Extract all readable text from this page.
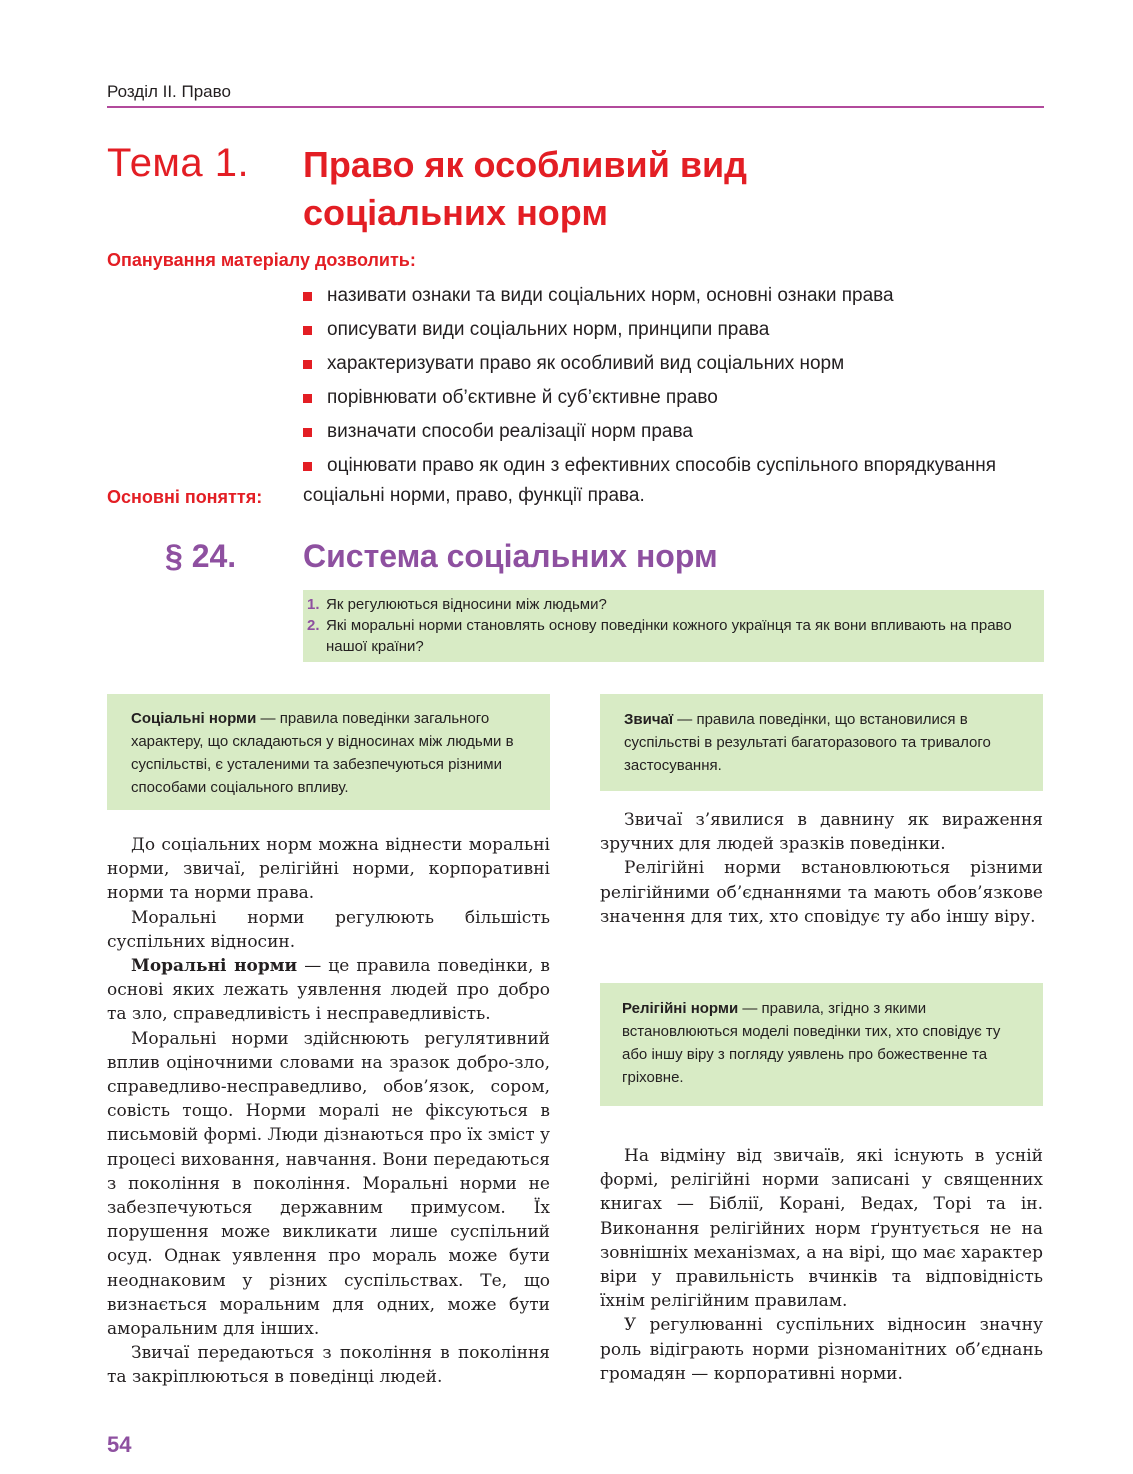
Розділ ІІ. Право
Тема 1. Право як особливий вид
соціальних норм
Опанування матеріалу дозволить:
називати ознаки та види соціальних норм, основні ознаки права
описувати види соціальних норм, принципи права
характеризувати право як особливий вид соціальних норм
порівнювати об’єктивне й суб’єктивне право
визначати способи реалізації норм права
оцінювати право як один з ефективних способів суспільного впорядкування
Основні поняття: соціальні норми, право, функції права.
§ 24. Система соціальних норм
1. Як регулюються відносини між людьми?
2. Які моральні норми становлять основу поведінки кожного українця та як вони впливають на право нашої країни?
Соціальні норми — правила поведінки загального характеру, що складаються у відносинах між людьми в суспільстві, є усталеними та забезпечуються різними способами соціального впливу.
Звичаї — правила поведінки, що встановилися в суспільстві в результаті багаторазового та тривалого застосування.

До соціальних норм можна віднести моральні норми, звичаї, релігійні норми, корпоративні норми та норми права.

Моральні норми регулюють більшість суспільних відносин.

Моральні норми — це правила поведінки, в основі яких лежать уявлення людей про добро та зло, справедливість і несправедливість.

Моральні норми здійснюють регулятивний вплив оціночними словами на зразок добро-зло, справедливо-несправедливо, обов’язок, сором, совість тощо. Норми моралі не фіксуються в письмовій формі. Люди дізнаються про їх зміст у процесі виховання, навчання. Вони передаються з покоління в покоління. Моральні норми не забезпечуються державним примусом. Їх порушення може викликати лише суспільний осуд. Однак уявлення про мораль може бути неоднаковим у різних суспільствах. Те, що визнається моральним для одних, може бути аморальним для інших.

Звичаї передаються з покоління в покоління та закріплюються в поведінці людей.

Звичаї з’явилися в давнину як вираження зручних для людей зразків поведінки.

Релігійні норми встановлюються різними релігійними об’єднаннями та мають обов’язкове значення для тих, хто сповідує ту або іншу віру.

Релігійні норми — правила, згідно з якими встановлюються моделі поведінки тих, хто сповідує ту або іншу віру з погляду уявлень про божественне та гріховне.

На відміну від звичаїв, які існують в усній формі, релігійні норми записані у священних книгах — Біблії, Корані, Ведах, Торі та ін. Виконання релігійних норм ґрунтується не на зовнішніх механізмах, а на вірі, що має характер віри у правильність вчинків та відповідність їхнім релігійним правилам.

У регулюванні суспільних відносин значну роль відіграють норми різноманітних об’єднань громадян — корпоративні норми.

54
